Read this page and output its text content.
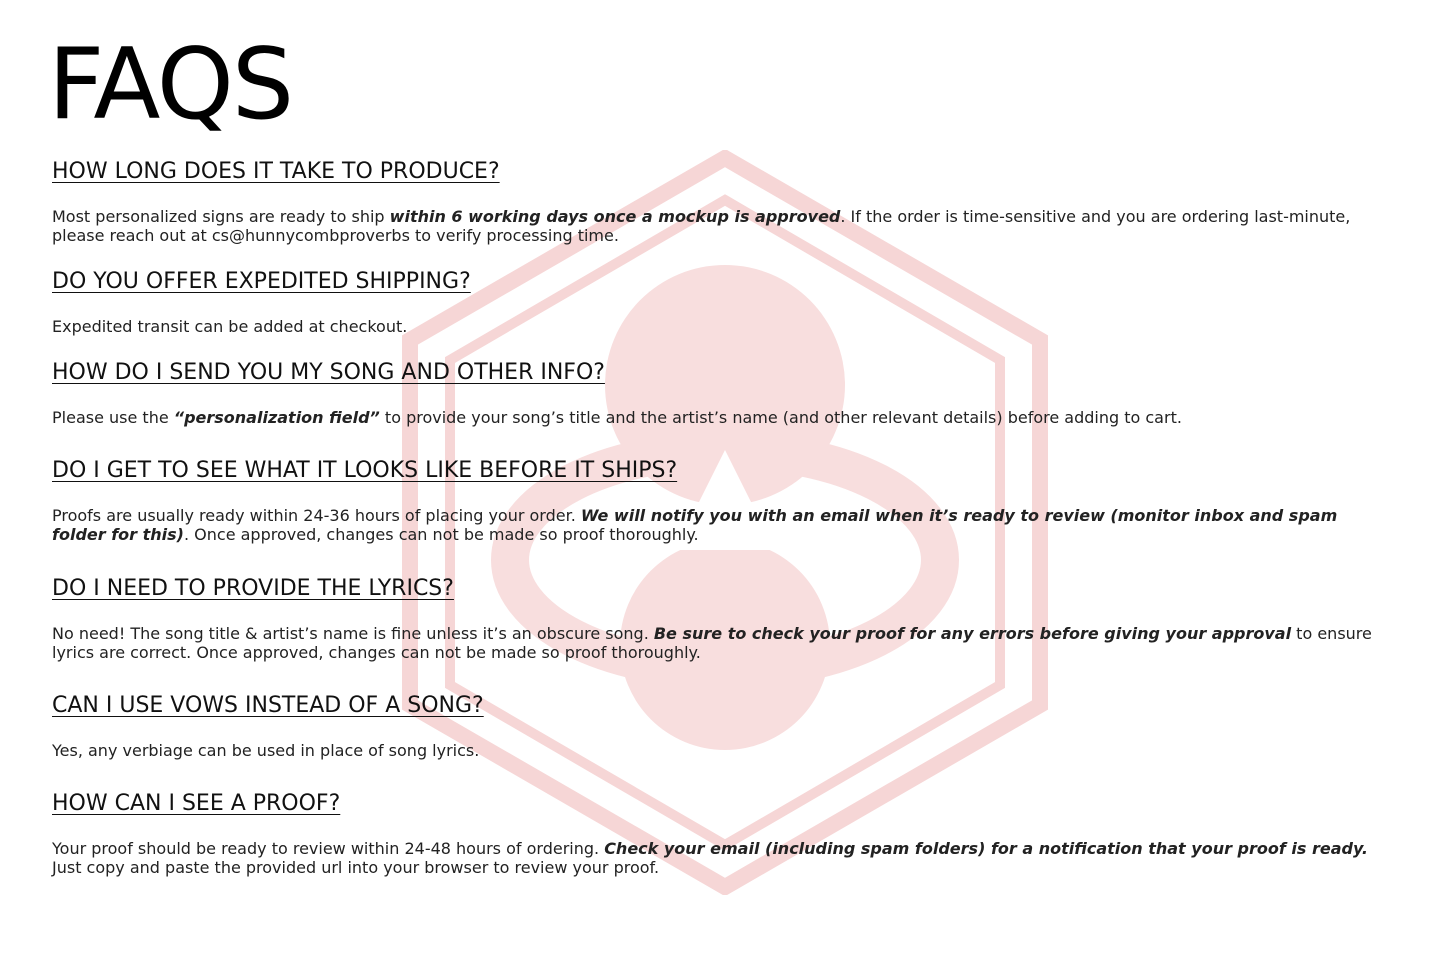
FAQS
HOW LONG DOES IT TAKE TO PRODUCE?

Most personalized signs are ready to ship within 6 working days once a mockup is approved. If the order is time-sensitive and you are ordering last-minute, please reach out at cs@hunnycombproverbs to verify processing time.

DO YOU OFFER EXPEDITED SHIPPING?

Expedited transit can be added at checkout.

HOW DO I SEND YOU MY SONG AND OTHER INFO?

Please use the “personalization field” to provide your song’s title and the artist’s name (and other relevant details) before adding to cart.

DO I GET TO SEE WHAT IT LOOKS LIKE BEFORE IT SHIPS?

Proofs are usually ready within 24-36 hours of placing your order. We will notify you with an email when it’s ready to review (monitor inbox and spam folder for this). Once approved, changes can not be made so proof thoroughly.

DO I NEED TO PROVIDE THE LYRICS?

No need! The song title & artist’s name is fine unless it’s an obscure song. Be sure to check your proof for any errors before giving your approval to ensure lyrics are correct. Once approved, changes can not be made so proof thoroughly.

CAN I USE VOWS INSTEAD OF A SONG?

Yes, any verbiage can be used in place of song lyrics.

HOW CAN I SEE A PROOF?

Your proof should be ready to review within 24-48 hours of ordering. Check your email (including spam folders) for a notification that your proof is ready. Just copy and paste the provided url into your browser to review your proof.
